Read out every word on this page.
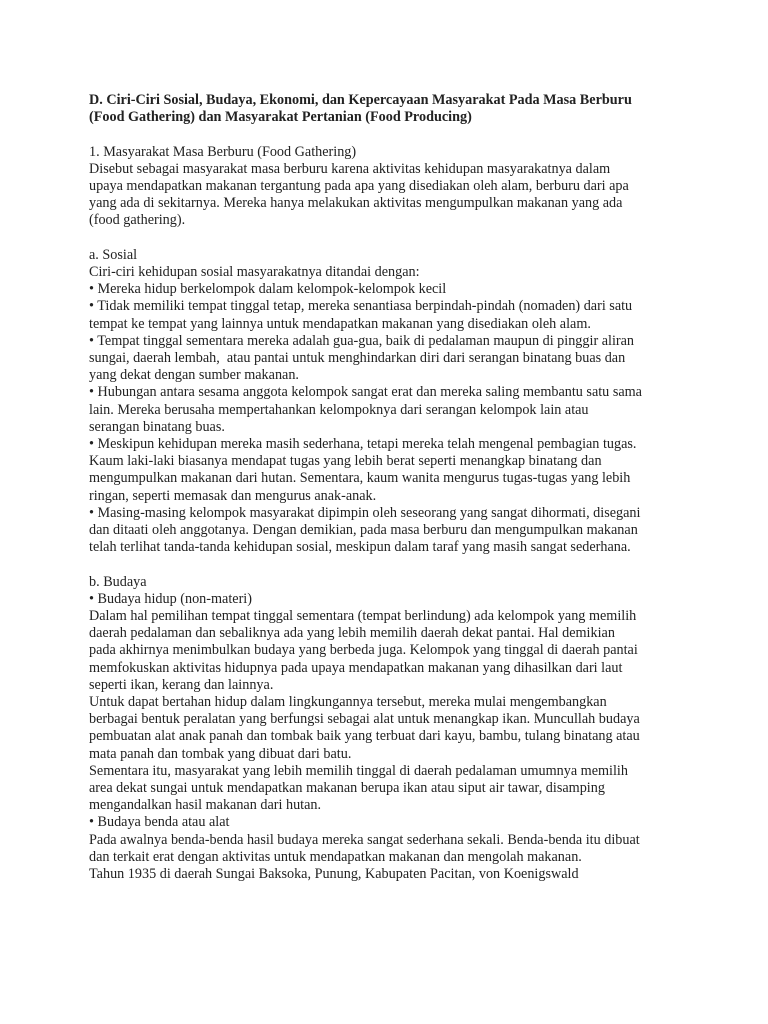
D. Ciri-Ciri Sosial, Budaya, Ekonomi, dan Kepercayaan Masyarakat Pada Masa Berburu

(Food Gathering) dan Masyarakat Pertanian (Food Producing)

1. Masyarakat Masa Berburu (Food Gathering)

Disebut sebagai masyarakat masa berburu karena aktivitas kehidupan masyarakatnya dalam

upaya mendapatkan makanan tergantung pada apa yang disediakan oleh alam, berburu dari apa

yang ada di sekitarnya. Mereka hanya melakukan aktivitas mengumpulkan makanan yang ada

(food gathering).

a. Sosial

Ciri-ciri kehidupan sosial masyarakatnya ditandai dengan:

• Mereka hidup berkelompok dalam kelompok-kelompok kecil

• Tidak memiliki tempat tinggal tetap, mereka senantiasa berpindah-pindah (nomaden) dari satu

tempat ke tempat yang lainnya untuk mendapatkan makanan yang disediakan oleh alam.

• Tempat tinggal sementara mereka adalah gua-gua, baik di pedalaman maupun di pinggir aliran

sungai, daerah lembah,  atau pantai untuk menghindarkan diri dari serangan binatang buas dan

yang dekat dengan sumber makanan.

• Hubungan antara sesama anggota kelompok sangat erat dan mereka saling membantu satu sama

lain. Mereka berusaha mempertahankan kelompoknya dari serangan kelompok lain atau

serangan binatang buas.

• Meskipun kehidupan mereka masih sederhana, tetapi mereka telah mengenal pembagian tugas.

Kaum laki-laki biasanya mendapat tugas yang lebih berat seperti menangkap binatang dan

mengumpulkan makanan dari hutan. Sementara, kaum wanita mengurus tugas-tugas yang lebih

ringan, seperti memasak dan mengurus anak-anak.

• Masing-masing kelompok masyarakat dipimpin oleh seseorang yang sangat dihormati, disegani

dan ditaati oleh anggotanya. Dengan demikian, pada masa berburu dan mengumpulkan makanan

telah terlihat tanda-tanda kehidupan sosial, meskipun dalam taraf yang masih sangat sederhana.

b. Budaya

• Budaya hidup (non-materi)

Dalam hal pemilihan tempat tinggal sementara (tempat berlindung) ada kelompok yang memilih

daerah pedalaman dan sebaliknya ada yang lebih memilih daerah dekat pantai. Hal demikian

pada akhirnya menimbulkan budaya yang berbeda juga. Kelompok yang tinggal di daerah pantai

memfokuskan aktivitas hidupnya pada upaya mendapatkan makanan yang dihasilkan dari laut

seperti ikan, kerang dan lainnya.

Untuk dapat bertahan hidup dalam lingkungannya tersebut, mereka mulai mengembangkan

berbagai bentuk peralatan yang berfungsi sebagai alat untuk menangkap ikan. Muncullah budaya

pembuatan alat anak panah dan tombak baik yang terbuat dari kayu, bambu, tulang binatang atau

mata panah dan tombak yang dibuat dari batu.

Sementara itu, masyarakat yang lebih memilih tinggal di daerah pedalaman umumnya memilih

area dekat sungai untuk mendapatkan makanan berupa ikan atau siput air tawar, disamping

mengandalkan hasil makanan dari hutan.

• Budaya benda atau alat

Pada awalnya benda-benda hasil budaya mereka sangat sederhana sekali. Benda-benda itu dibuat

dan terkait erat dengan aktivitas untuk mendapatkan makanan dan mengolah makanan.

Tahun 1935 di daerah Sungai Baksoka, Punung, Kabupaten Pacitan, von Koenigswald
